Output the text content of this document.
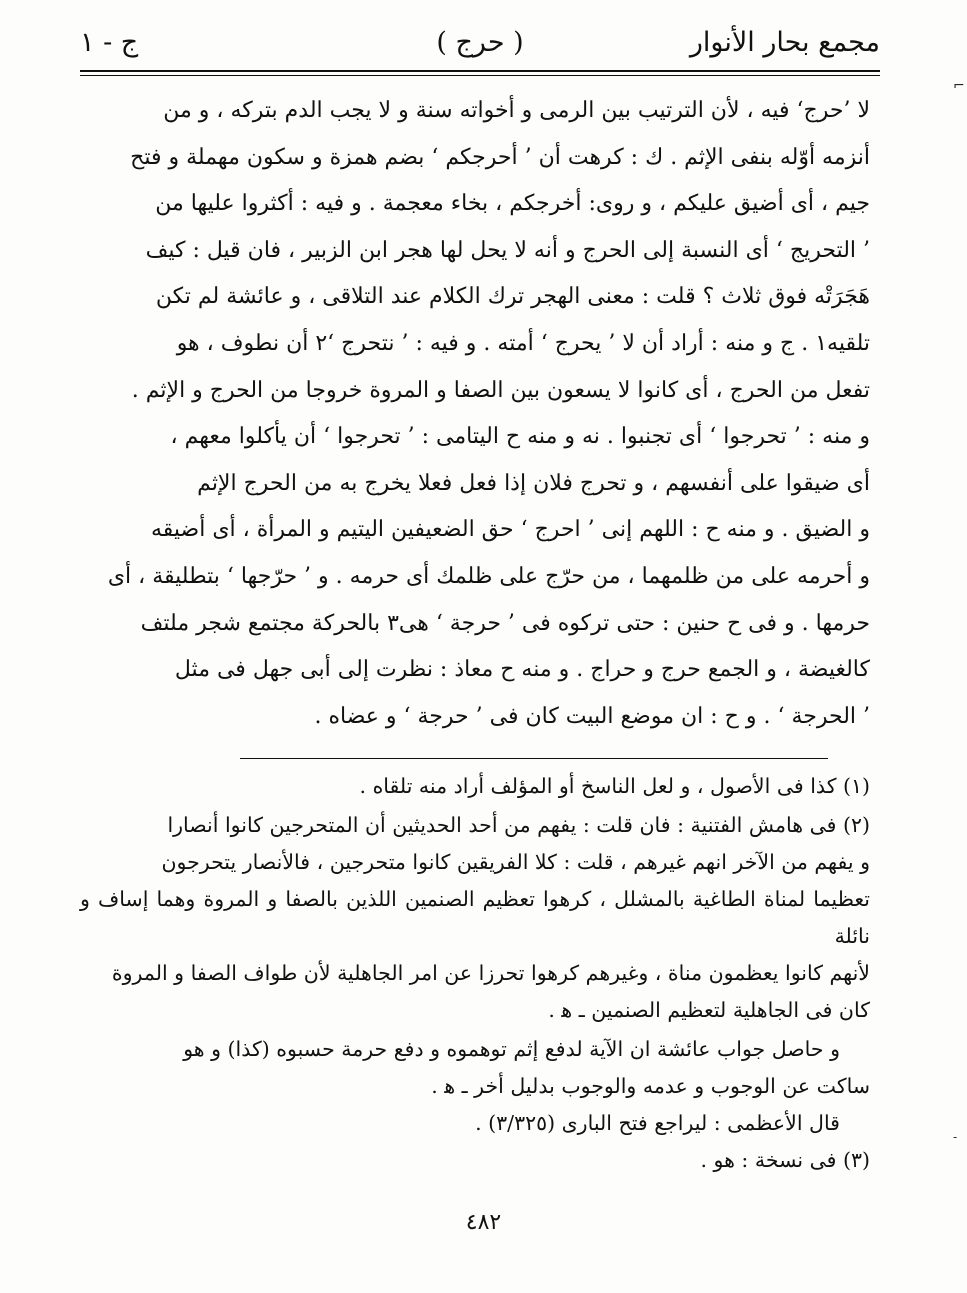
مجمع بحار الأنوار
( حرج )
ج - ١

لا ’حرج‘ فيه ، لأن الترتيب بين الرمى و أخواته سنة و لا يجب الدم بتركه ، و من

أنزمه أوّله بنفى الإثم . ك : كرهت أن ’ أحرجكم ‘ بضم همزة و سكون مهملة و فتح

جيم ، أى أضيق عليكم ، و روى: أخرجكم ، بخاء معجمة . و فيه : أكثروا عليها من

’ التحريج ‘ أى النسبة إلى الحرج و أنه لا يحل لها هجر ابن الزبير ، فان قيل : كيف

هَجَرَتْه فوق ثلاث ؟ قلت : معنى الهجر ترك الكلام عند التلاقى ، و عائشة لم تكن

تلقيه١ . ج و منه : أراد أن لا ’ يحرج ‘ أمته . و فيه : ’ نتحرج ‘٢ أن نطوف ، هو

تفعل من الحرج ، أى كانوا لا يسعون بين الصفا و المروة خروجا من الحرج و الإثم .

و منه : ’ تحرجوا ‘ أى تجنبوا . نه و منه ح اليتامى : ’ تحرجوا ‘ أن يأكلوا معهم ،

أى ضيقوا على أنفسهم ، و تحرج فلان إذا فعل فعلا يخرج به من الحرج الإثم

و الضيق . و منه ح : اللهم إنى ’ احرج ‘ حق الضعيفين اليتيم و المرأة ، أى أضيقه

و أحرمه على من ظلمهما ، من حرّج على ظلمك أى حرمه . و ’ حرّجها ‘ بتطليقة ، أى

حرمها . و فى ح حنين : حتى تركوه فى ’ حرجة ‘ هى٣ بالحركة مجتمع شجر ملتف

كالغيضة ، و الجمع حرج و حراج . و منه ح معاذ : نظرت إلى أبى جهل فى مثل

’ الحرجة ‘ . و ح : ان موضع البيت كان فى ’ حرجة ‘ و عضاه .

(١) كذا فى الأصول ، و لعل الناسخ أو المؤلف أراد منه تلقاه .

(٢) فى هامش الفتنية : فان قلت : يفهم من أحد الحديثين أن المتحرجين كانوا أنصارا

و يفهم من الآخر انهم غيرهم ، قلت : كلا الفريقين كانوا متحرجين ، فالأنصار يتحرجون

تعظيما لمناة الطاغية بالمشلل ، كرهوا تعظيم الصنمين اللذين بالصفا و المروة وهما إساف و نائلة

لأنهم كانوا يعظمون مناة ، وغيرهم كرهوا تحرزا عن امر الجاهلية لأن طواف الصفا و المروة

كان فى الجاهلية لتعظيم الصنمين ـ ﻫ .

و حاصل جواب عائشة ان الآية لدفع إثم توهموه و دفع حرمة حسبوه (كذا) و هو

ساكت عن الوجوب و عدمه والوجوب بدليل أخر ـ ﻫ .

قال الأعظمى : ليراجع فتح البارى (٣/٣٢٥) .

(٣) فى نسخة : هو .

٤٨٢
⌐
˗
